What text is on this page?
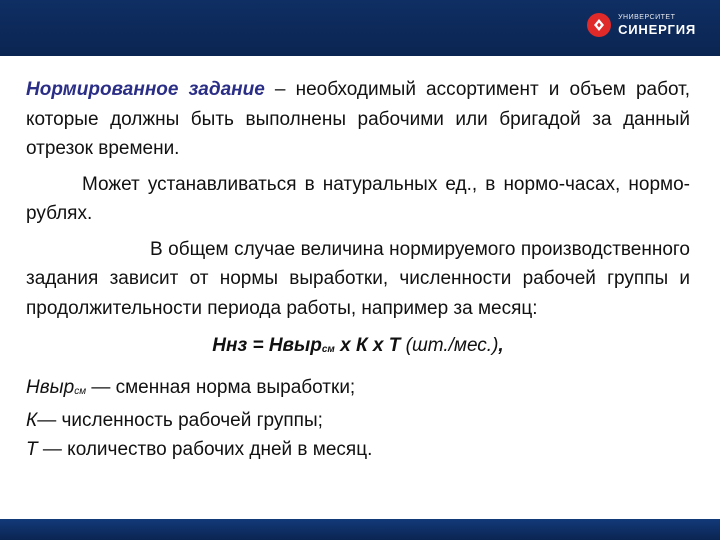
УНИВЕРСИТЕТ
СИНЕРГИЯ

Нормированное задание – необходимый ассортимент и объем работ, которые должны быть выполнены рабочими или бригадой за данный отрезок времени.

Может устанавливаться в натуральных ед., в нормо-часах, нормо-рублях.

В общем случае величина нормируемого производственного задания зависит от нормы выработки, численности рабочей группы и продолжительности периода работы, например за месяц:

Ннз = Нвыр$_{см}$ х К х Т (шт./мес.),
Нвыр$_{см}$ — сменная норма выработки;
К— численность рабочей группы;
Т — количество рабочих дней в месяц.
